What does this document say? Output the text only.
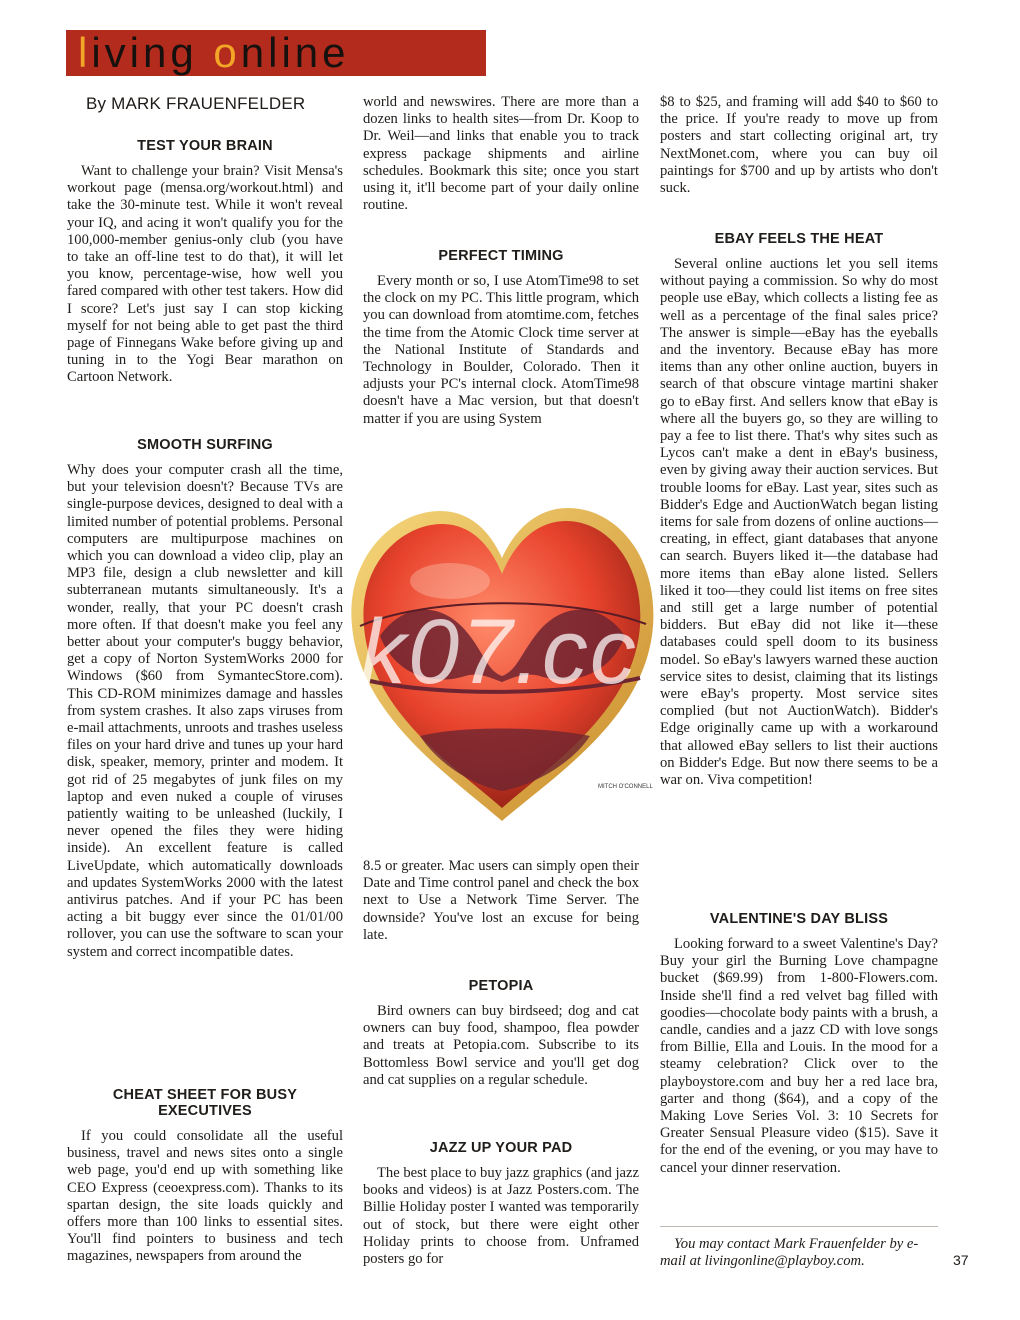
living online
By MARK FRAUENFELDER

TEST YOUR BRAIN

Want to challenge your brain? Visit Mensa's workout page (mensa.org/workout.html) and take the 30-minute test. While it won't reveal your IQ, and acing it won't qualify you for the 100,000-member genius-only club (you have to take an off-line test to do that), it will let you know, percentage-wise, how well you fared compared with other test takers. How did I score? Let's just say I can stop kicking myself for not being able to get past the third page of Finnegans Wake before giving up and tuning in to the Yogi Bear marathon on Cartoon Network.

SMOOTH SURFING

Why does your computer crash all the time, but your television doesn't? Because TVs are single-purpose devices, designed to deal with a limited number of potential problems. Personal computers are multipurpose machines on which you can download a video clip, play an MP3 file, design a club newsletter and kill subterranean mutants simultaneously. It's a wonder, really, that your PC doesn't crash more often. If that doesn't make you feel any better about your computer's buggy behavior, get a copy of Norton SystemWorks 2000 for Windows ($60 from SymantecStore.com). This CD-ROM minimizes damage and hassles from system crashes. It also zaps viruses from e-mail attachments, unroots and trashes useless files on your hard drive and tunes up your hard disk, speaker, memory, printer and modem. It got rid of 25 megabytes of junk files on my laptop and even nuked a couple of viruses patiently waiting to be unleashed (luckily, I never opened the files they were hiding inside). An excellent feature is called LiveUpdate, which automatically downloads and updates SystemWorks 2000 with the latest antivirus patches. And if your PC has been acting a bit buggy ever since the 01/01/00 rollover, you can use the software to scan your system and correct incompatible dates.

CHEAT SHEET FOR BUSY EXECUTIVES

If you could consolidate all the useful business, travel and news sites onto a single web page, you'd end up with something like CEO Express (ceoexpress.com). Thanks to its spartan design, the site loads quickly and offers more than 100 links to essential sites. You'll find pointers to business and tech magazines, newspapers from around the

world and newswires. There are more than a dozen links to health sites—from Dr. Koop to Dr. Weil—and links that enable you to track express package shipments and airline schedules. Bookmark this site; once you start using it, it'll become part of your daily online routine.

PERFECT TIMING

Every month or so, I use AtomTime98 to set the clock on my PC. This little program, which you can download from atomtime.com, fetches the time from the Atomic Clock time server at the National Institute of Standards and Technology in Boulder, Colorado. Then it adjusts your PC's internal clock. AtomTime98 doesn't have a Mac version, but that doesn't matter if you are using System

MITCH O'CONNELL
k07.cc

8.5 or greater. Mac users can simply open their Date and Time control panel and check the box next to Use a Network Time Server. The downside? You've lost an excuse for being late.

PETOPIA

Bird owners can buy birdseed; dog and cat owners can buy food, shampoo, flea powder and treats at Petopia.com. Subscribe to its Bottomless Bowl service and you'll get dog and cat supplies on a regular schedule.

JAZZ UP YOUR PAD

The best place to buy jazz graphics (and jazz books and videos) is at Jazz Posters.com. The Billie Holiday poster I wanted was temporarily out of stock, but there were eight other Holiday prints to choose from. Unframed posters go for

$8 to $25, and framing will add $40 to $60 to the price. If you're ready to move up from posters and start collecting original art, try NextMonet.com, where you can buy oil paintings for $700 and up by artists who don't suck.

EBAY FEELS THE HEAT

Several online auctions let you sell items without paying a commission. So why do most people use eBay, which collects a listing fee as well as a percentage of the final sales price? The answer is simple—eBay has the eyeballs and the inventory. Because eBay has more items than any other online auction, buyers in search of that obscure vintage martini shaker go to eBay first. And sellers know that eBay is where all the buyers go, so they are willing to pay a fee to list there. That's why sites such as Lycos can't make a dent in eBay's business, even by giving away their auction services. But trouble looms for eBay. Last year, sites such as Bidder's Edge and AuctionWatch began listing items for sale from dozens of online auctions—creating, in effect, giant databases that anyone can search. Buyers liked it—the database had more items than eBay alone listed. Sellers liked it too—they could list items on free sites and still get a large number of potential bidders. But eBay did not like it—these databases could spell doom to its business model. So eBay's lawyers warned these auction service sites to desist, claiming that its listings were eBay's property. Most service sites complied (but not AuctionWatch). Bidder's Edge originally came up with a workaround that allowed eBay sellers to list their auctions on Bidder's Edge. But now there seems to be a war on. Viva competition!

VALENTINE'S DAY BLISS

Looking forward to a sweet Valentine's Day? Buy your girl the Burning Love champagne bucket ($69.99) from 1-800-Flowers.com. Inside she'll find a red velvet bag filled with goodies—chocolate body paints with a brush, a candle, candies and a jazz CD with love songs from Billie, Ella and Louis. In the mood for a steamy celebration? Click over to the playboystore.com and buy her a red lace bra, garter and thong ($64), and a copy of the Making Love Series Vol. 3: 10 Secrets for Greater Sensual Pleasure video ($15). Save it for the end of the evening, or you may have to cancel your dinner reservation.

You may contact Mark Frauenfelder by e-mail at livingonline@playboy.com.	37
